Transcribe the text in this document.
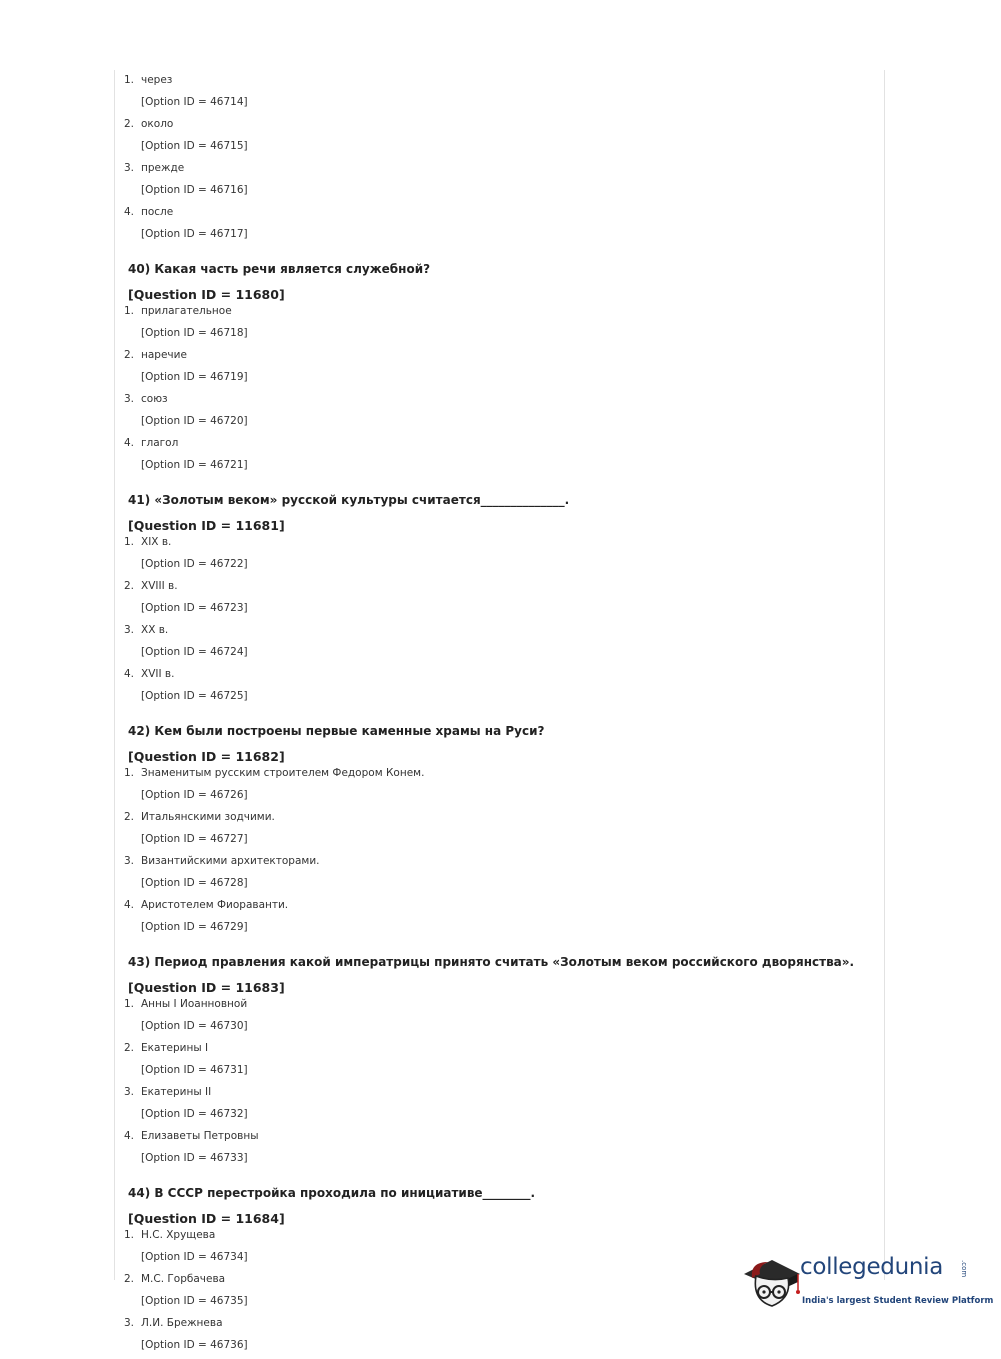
1. через
[Option ID = 46714]
2. около
[Option ID = 46715]
3. прежде
[Option ID = 46716]
4. после
[Option ID = 46717]
40) Какая часть речи является служебной?
[Question ID = 11680]
1. прилагательное
[Option ID = 46718]
2. наречие
[Option ID = 46719]
3. союз
[Option ID = 46720]
4. глагол
[Option ID = 46721]
41) «Золотым веком» русской культуры считается______________.
[Question ID = 11681]
1. XIX в.
[Option ID = 46722]
2. XVIII в.
[Option ID = 46723]
3. XX в.
[Option ID = 46724]
4. XVII в.
[Option ID = 46725]
42) Кем были построены первые каменные храмы на Руси?
[Question ID = 11682]
1. Знаменитым русским строителем Федором Конем.
[Option ID = 46726]
2. Итальянскими зодчими.
[Option ID = 46727]
3. Византийскими архитекторами.
[Option ID = 46728]
4. Аристотелем Фиораванти.
[Option ID = 46729]
43) Период правления какой императрицы принято считать «Золотым веком российского дворянства».
[Question ID = 11683]
1. Анны I Иоанновной
[Option ID = 46730]
2. Екатерины I
[Option ID = 46731]
3. Екатерины II
[Option ID = 46732]
4. Елизаветы Петровны
[Option ID = 46733]
44) В СССР перестройка проходила по инициативе________.
[Question ID = 11684]
1. Н.С. Хрущева
[Option ID = 46734]
2. М.С. Горбачева
[Option ID = 46735]
3. Л.И. Брежнева
[Option ID = 46736]
collegedunia .com
India's largest Student Review Platform
